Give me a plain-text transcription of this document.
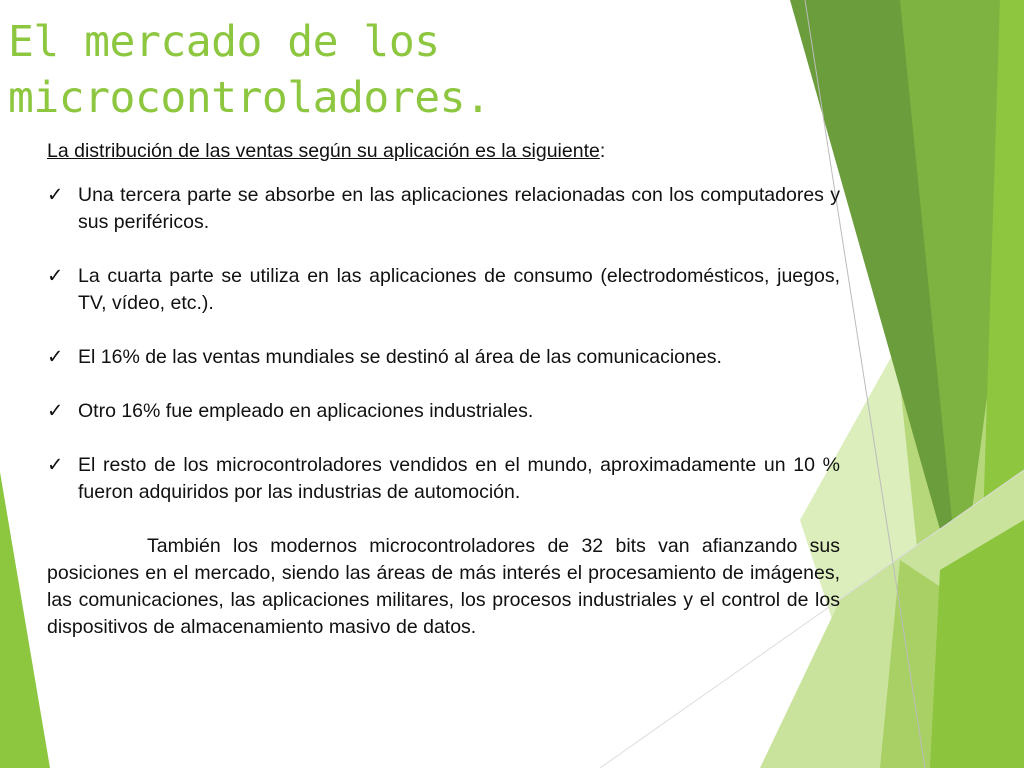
El mercado de los
microcontroladores.

La distribución de las ventas según su aplicación es la siguiente:

✓ Una tercera parte se absorbe en las aplicaciones relacionadas con los computadores y sus periféricos.
✓ La cuarta parte se utiliza en las aplicaciones de consumo (electrodomésticos, juegos, TV, vídeo, etc.).
✓ El 16% de las ventas mundiales se destinó al área de las comunicaciones.
✓ Otro 16% fue empleado en aplicaciones industriales.
✓ El resto de los microcontroladores vendidos en el mundo, aproximadamente un 10 % fueron adquiridos por las industrias de automoción.

También los modernos microcontroladores de 32 bits van afianzando sus posiciones en el mercado, siendo las áreas de más interés el procesamiento de imágenes, las comunicaciones, las aplicaciones militares, los procesos industriales y el control de los dispositivos de almacenamiento masivo de datos.
